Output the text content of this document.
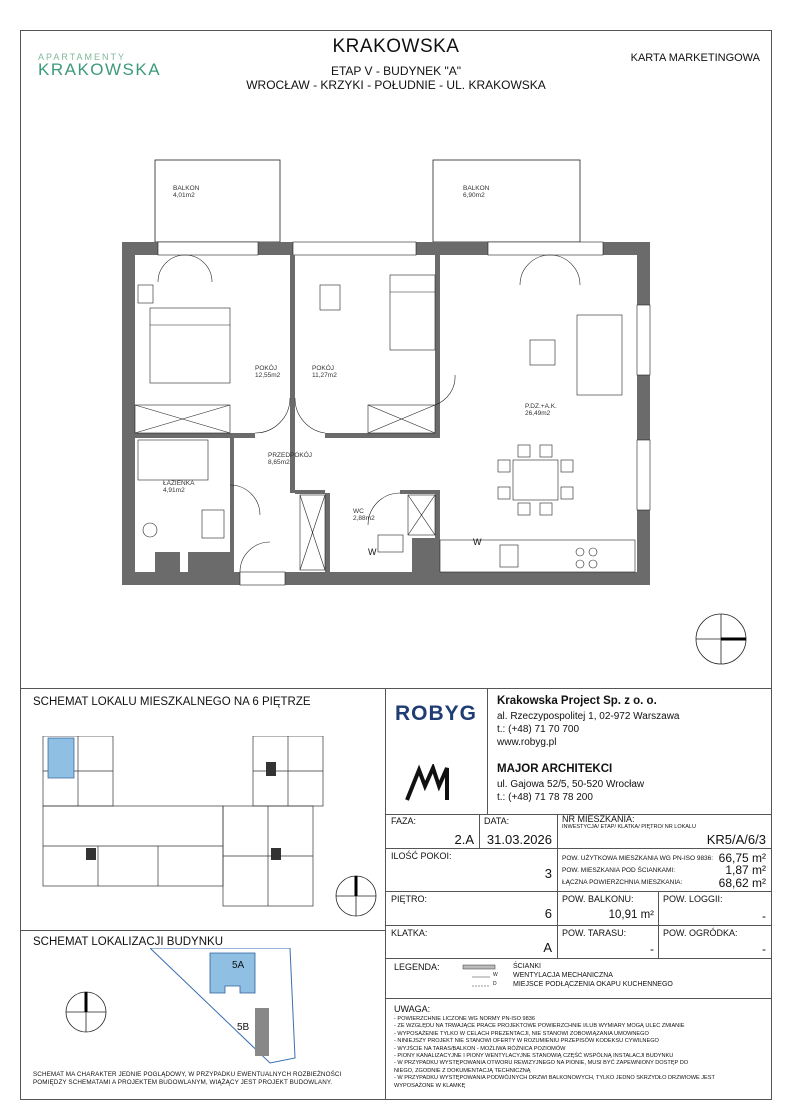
APARTAMENTY
KRAKOWSKA
KRAKOWSKA
ETAP V - BUDYNEK "A"
WROCŁAW - KRZYKI - POŁUDNIE - UL. KRAKOWSKA
KARTA MARKETINGOWA
BALKON
4,01m2
BALKON
6,90m2
POKÓJ
12,55m2
POKÓJ
11,27m2
P.DZ.+A.K.
26,49m2
PRZEDPOKÓJ
8,65m2
ŁAZIENKA
4,91m2
WC
2,88m2
W
W
SCHEMAT LOKALU MIESZKALNEGO NA 6 PIĘTRZE
SCHEMAT LOKALIZACJI BUDYNKU
5A
5B
SCHEMAT MA CHARAKTER JEDNIE POGLĄDOWY, W PRZYPADKU EWENTUALNYCH ROZBIEŻNOŚCI
POMIĘDZY SCHEMATAMI A PROJEKTEM BUDOWLANYM, WIĄŻĄCY JEST PROJEKT BUDOWLANY.
ROBYG
Krakowska Project Sp. z o. o.
al. Rzeczypospolitej 1, 02-972 Warszawa
t.: (+48) 71 70 700
www.robyg.pl
MAJOR ARCHITEKCI
ul. Gajowa 52/5, 50-520 Wrocław
t.: (+48) 71 78 78 200
FAZA:
2.A
DATA:
31.03.2026
NR MIESZKANIA:
INWESTYCJA/ ETAP/ KLATKA/ PIĘTRO/ NR LOKALU
KR5/A/6/3
ILOŚĆ POKOI:
3
POW. UŻYTKOWA MIESZKANIA WG PN-ISO 9836: 66,75 m²
POW. MIESZKANIA POD ŚCIANKAMI:	1,87 m²
ŁĄCZNA POWIERZCHNIA MIESZKANIA:	68,62 m²
PIĘTRO:
6
POW. BALKONU:
10,91 m²
POW. LOGGII:
-
KLATKA:
A
POW. TARASU:
-
POW. OGRÓDKA:
-
LEGENDA:
W
D
ŚCIANKI
WENTYLACJA MECHANICZNA
MIEJSCE PODŁĄCZENIA OKAPU KUCHENNEGO
UWAGA:
- POWIERZCHNIE LICZONE WG NORMY PN-ISO 9836
- ZE WZGLĘDU NA TRWAJĄCE PRACE PROJEKTOWE POWIERZCHNIE I/LUB WYMIARY MOGĄ ULEC ZMIANIE
- WYPOSAŻENIE TYLKO W CELACH PREZENTACJI, NIE STANOWI ZOBOWIĄZANIA UMOWNEGO
- NINIEJSZY PROJEKT NIE STANOWI OFERTY W ROZUMIENIU PRZEPISÓW KODEKSU CYWILNEGO
- WYJŚCIE NA TARAS/BALKON - MOŻLIWA RÓŻNICA POZIOMÓW
- PIONY KANALIZACYJNE I PIONY WENTYLACYJNE STANOWIĄ CZĘŚĆ WSPÓLNĄ INSTALACJI BUDYNKU
- W PRZYPADKU WYSTĘPOWANIA OTWORU REWIZYJNEGO NA PIONIE, MUSI BYĆ ZAPEWNIONY DOSTĘP DO
NIEGO, ZGODNIE Z DOKUMENTACJĄ TECHNICZNĄ
- W PRZYPADKU WYSTĘPOWANIA PODWÓJNYCH DRZWI BALKONOWYCH, TYLKO JEDNO SKRZYDŁO DRZWIOWE JEST
WYPOSAŻONE W KLAMKĘ
